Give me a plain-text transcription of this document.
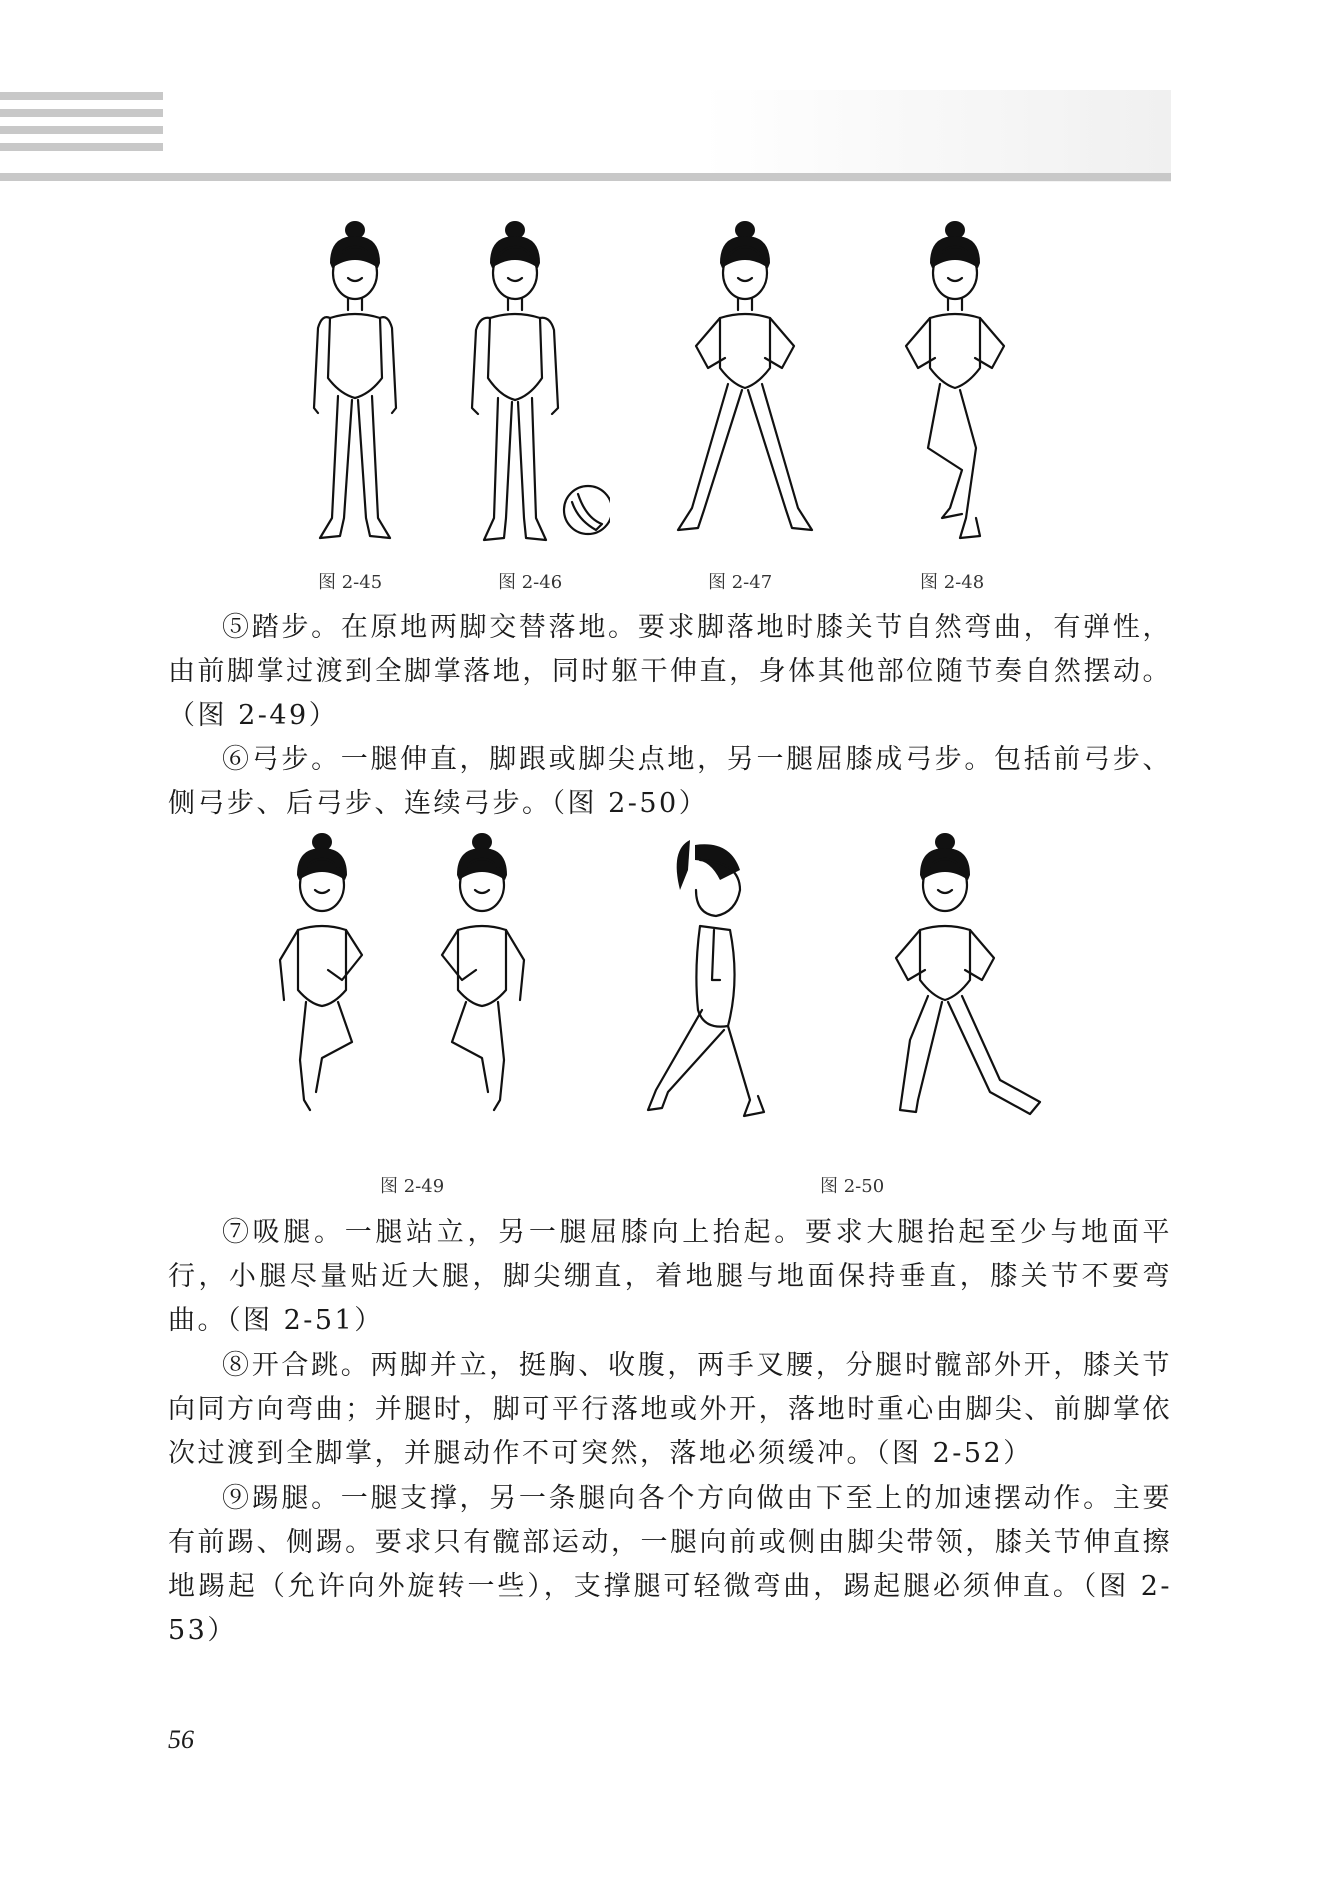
图 2-45	图 2-46	图 2-47	图 2-48

⑤踏步。在原地两脚交替落地。要求脚落地时膝关节自然弯曲，有弹性，由前脚掌过渡到全脚掌落地，同时躯干伸直，身体其他部位随节奏自然摆动。（图 2-49）

⑥弓步。一腿伸直，脚跟或脚尖点地，另一腿屈膝成弓步。包括前弓步、侧弓步、后弓步、连续弓步。（图 2-50）

图 2-49	图 2-50

⑦吸腿。一腿站立，另一腿屈膝向上抬起。要求大腿抬起至少与地面平行，小腿尽量贴近大腿，脚尖绷直，着地腿与地面保持垂直，膝关节不要弯曲。（图 2-51）

⑧开合跳。两脚并立，挺胸、收腹，两手叉腰，分腿时髋部外开，膝关节向同方向弯曲；并腿时，脚可平行落地或外开，落地时重心由脚尖、前脚掌依次过渡到全脚掌，并腿动作不可突然，落地必须缓冲。（图 2-52）

⑨踢腿。一腿支撑，另一条腿向各个方向做由下至上的加速摆动作。主要有前踢、侧踢。要求只有髋部运动，一腿向前或侧由脚尖带领，膝关节伸直擦地踢起（允许向外旋转一些），支撑腿可轻微弯曲，踢起腿必须伸直。（图 2-53）

56
